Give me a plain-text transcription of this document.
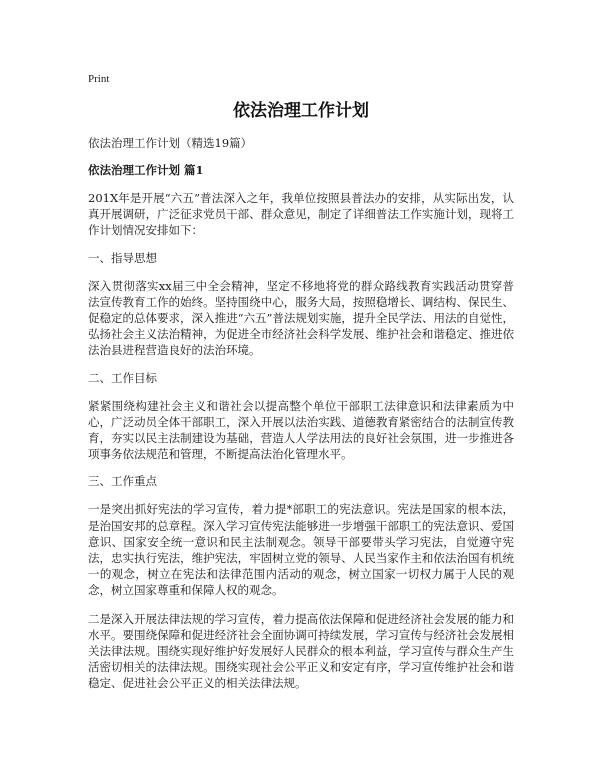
Print

依法治理工作计划

依法治理工作计划（精选19篇）

依法治理工作计划 篇1

201X年是开展“六五”普法深入之年，我单位按照县普法办的安排，从实际出发，认真开展调研，广泛征求党员干部、群众意见，制定了详细普法工作实施计划，现将工作计划情况安排如下：

一、指导思想

深入贯彻落实xx届三中全会精神，坚定不移地将党的群众路线教育实践活动贯穿普法宣传教育工作的始终。坚持围绕中心，服务大局，按照稳增长、调结构、保民生、促稳定的总体要求，深入推进“六五”普法规划实施，提升全民学法、用法的自觉性，弘扬社会主义法治精神，为促进全市经济社会科学发展、维护社会和谐稳定、推进依法治县进程营造良好的法治环境。

二、工作目标

紧紧围绕构建社会主义和谐社会以提高整个单位干部职工法律意识和法律素质为中心，广泛动员全体干部职工，深入开展以法治实践、道德教育紧密结合的法制宣传教育，夯实以民主法制建设为基础，营造人人学法用法的良好社会氛围，进一步推进各项事务依法规范和管理，不断提高法治化管理水平。

三、工作重点

一是突出抓好宪法的学习宣传，着力提*部职工的宪法意识。宪法是国家的根本法，是治国安邦的总章程。深入学习宣传宪法能够进一步增强干部职工的宪法意识、爱国意识、国家安全统一意识和民主法制观念。领导干部要带头学习宪法，自觉遵守宪法，忠实执行宪法，维护宪法，牢固树立党的领导、人民当家作主和依法治国有机统一的观念，树立在宪法和法律范围内活动的观念，树立国家一切权力属于人民的观念，树立国家尊重和保障人权的观念。

二是深入开展法律法规的学习宣传，着力提高依法保障和促进经济社会发展的能力和水平。要围绕保障和促进经济社会全面协调可持续发展，学习宣传与经济社会发展相关法律法规。围绕实现好维护好发展好人民群众的根本利益，学习宣传与群众生产生活密切相关的法律法规。围绕实现社会公平正义和安定有序，学习宣传维护社会和谐稳定、促进社会公平正义的相关法律法规。
